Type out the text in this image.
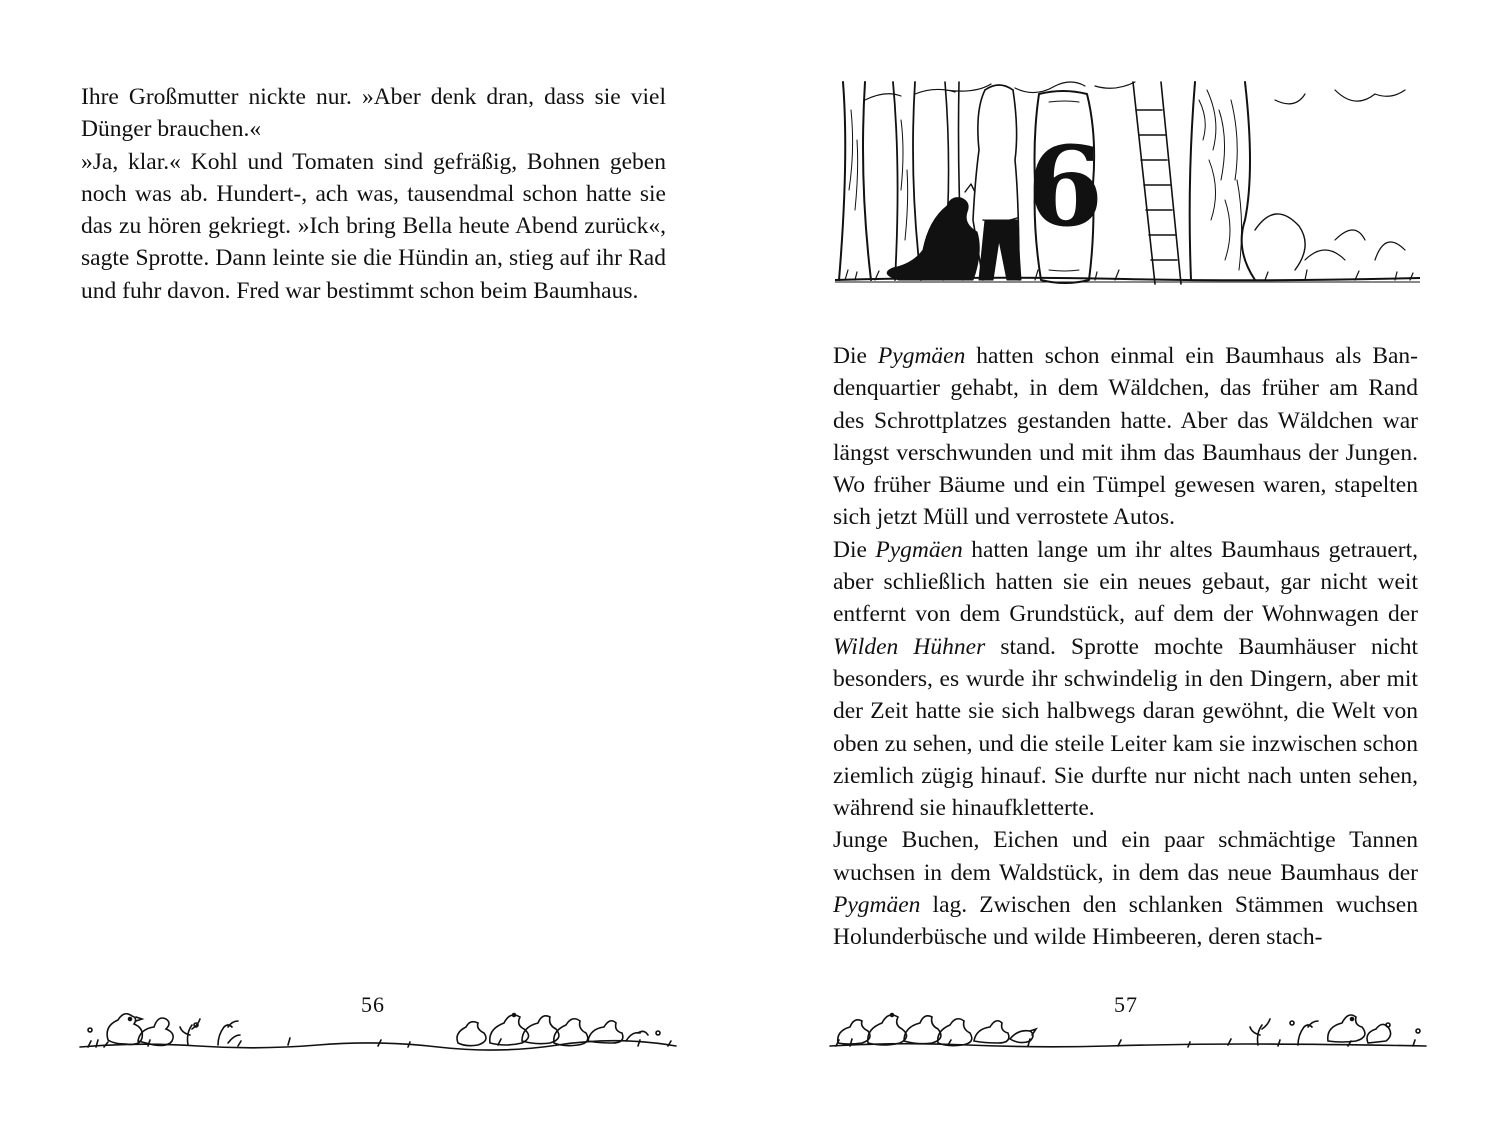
Ihre Großmutter nickte nur. »Aber denk dran, dass sie viel Dünger brauchen.«

»Ja, klar.« Kohl und Tomaten sind gefräßig, Bohnen geben noch was ab. Hundert-, ach was, tausendmal schon hatte sie das zu hören gekriegt. »Ich bring Bella heute Abend zurück«, sagte Sprotte. Dann leinte sie die Hündin an, stieg auf ihr Rad und fuhr davon. Fred war bestimmt schon beim Baumhaus.

56
6

Die Pygmäen hatten schon einmal ein Baumhaus als Bandenquartier gehabt, in dem Wäldchen, das früher am Rand des Schrottplatzes gestanden hatte. Aber das Wäldchen war längst verschwunden und mit ihm das Baumhaus der Jungen. Wo früher Bäume und ein Tümpel gewesen waren, stapelten sich jetzt Müll und verrostete Autos.

Die Pygmäen hatten lange um ihr altes Baumhaus getrauert, aber schließlich hatten sie ein neues gebaut, gar nicht weit entfernt von dem Grundstück, auf dem der Wohnwagen der Wilden Hühner stand. Sprotte mochte Baumhäuser nicht besonders, es wurde ihr schwindelig in den Dingern, aber mit der Zeit hatte sie sich halbwegs daran gewöhnt, die Welt von oben zu sehen, und die steile Leiter kam sie inzwischen schon ziemlich zügig hinauf. Sie durfte nur nicht nach unten sehen, während sie hinaufkletterte.

Junge Buchen, Eichen und ein paar schmächtige Tannen wuchsen in dem Waldstück, in dem das neue Baumhaus der Pygmäen lag. Zwischen den schlanken Stämmen wuchsen Holunderbüsche und wilde Himbeeren, deren stach-

57
